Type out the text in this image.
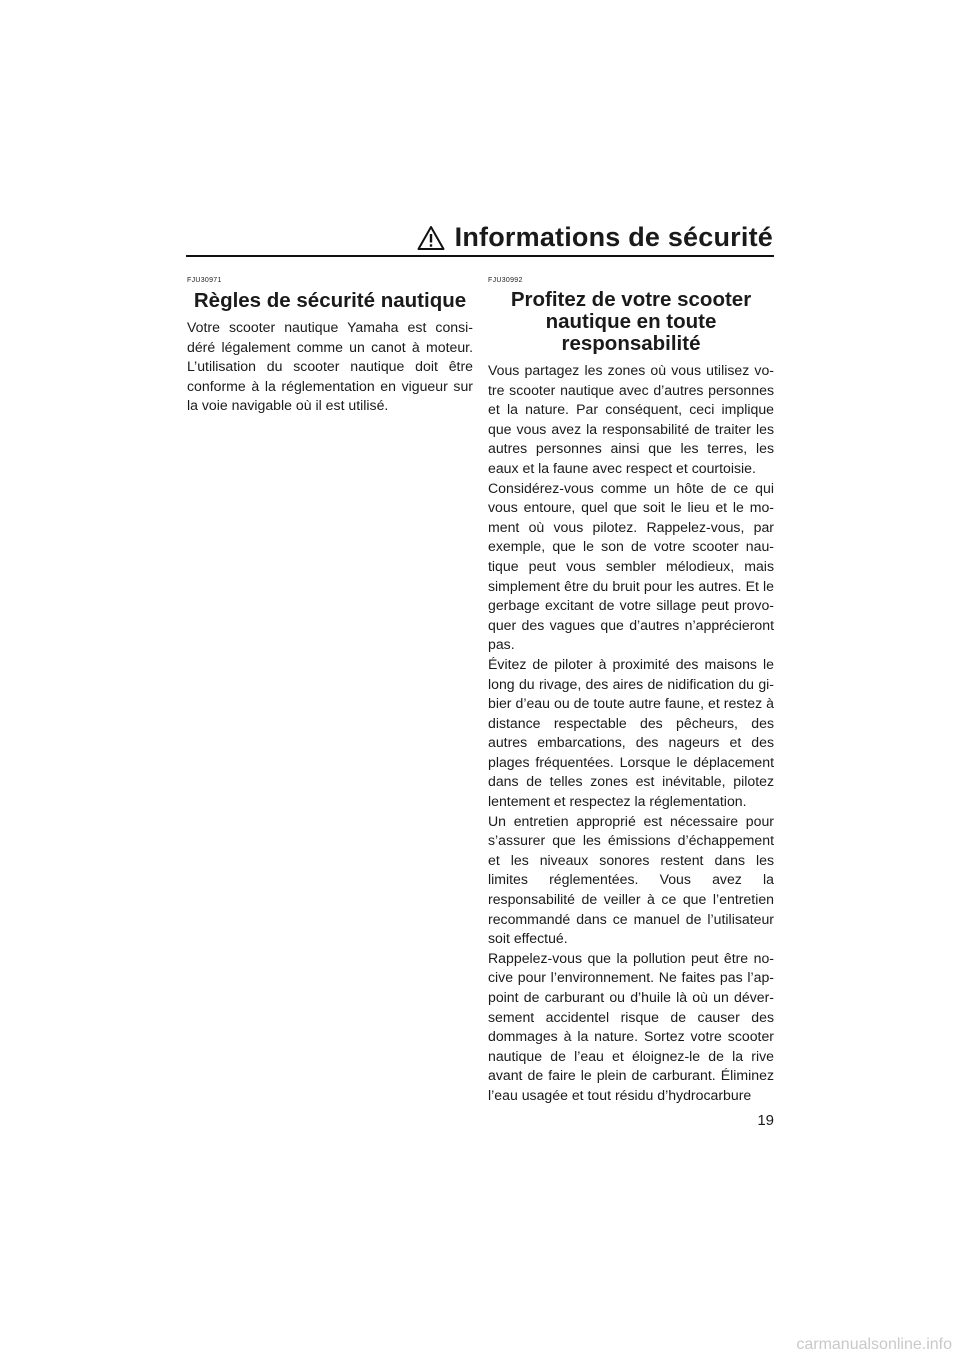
Informations de sécurité
FJU30971
Règles de sécurité nautique

Votre scooter nautique Yamaha est consi-déré légalement comme un canot à moteur. L’utilisation du scooter nautique doit être conforme à la réglementation en vigueur sur la voie navigable où il est utilisé.

FJU30992
Profitez de votre scooter nautique en toute responsabilité

Vous partagez les zones où vous utilisez vo-tre scooter nautique avec d’autres personnes et la nature. Par conséquent, ceci implique que vous avez la responsabilité de traiter les autres personnes ainsi que les terres, les eaux et la faune avec respect et courtoisie.

Considérez-vous comme un hôte de ce qui vous entoure, quel que soit le lieu et le mo-ment où vous pilotez. Rappelez-vous, par exemple, que le son de votre scooter nau-tique peut vous sembler mélodieux, mais simplement être du bruit pour les autres. Et le gerbage excitant de votre sillage peut provo-quer des vagues que d’autres n’apprécieront pas.

Évitez de piloter à proximité des maisons le long du rivage, des aires de nidification du gi-bier d’eau ou de toute autre faune, et restez à distance respectable des pêcheurs, des autres embarcations, des nageurs et des plages fréquentées. Lorsque le déplacement dans de telles zones est inévitable, pilotez lentement et respectez la réglementation.

Un entretien approprié est nécessaire pour s’assurer que les émissions d’échappement et les niveaux sonores restent dans les limites réglementées. Vous avez la responsabilité de veiller à ce que l’entretien recommandé dans ce manuel de l’utilisateur soit effectué.

Rappelez-vous que la pollution peut être no-cive pour l’environnement. Ne faites pas l’ap-point de carburant ou d’huile là où un déver-sement accidentel risque de causer des dommages à la nature. Sortez votre scooter nautique de l’eau et éloignez-le de la rive avant de faire le plein de carburant. Éliminez l’eau usagée et tout résidu d’hydrocarbure

19
carmanualsonline.info
